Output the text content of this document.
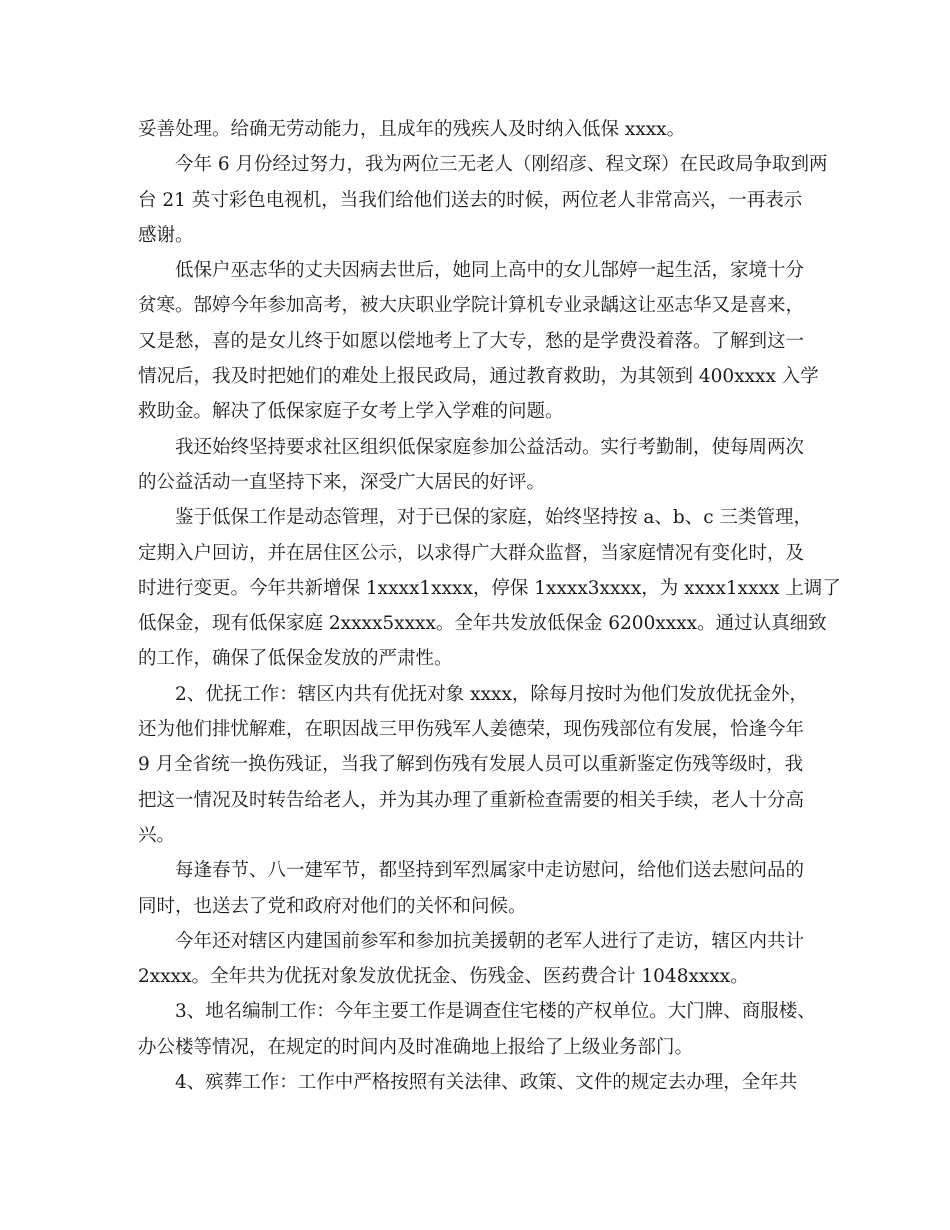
妥善处理。给确无劳动能力，且成年的残疾人及时纳入低保 xxxx。
今年 6 月份经过努力，我为两位三无老人（刚绍彦、程文琛）在民政局争取到两
台 21 英寸彩色电视机，当我们给他们送去的时候，两位老人非常高兴，一再表示
感谢。
低保户巫志华的丈夫因病去世后，她同上高中的女儿郜婷一起生活，家境十分
贫寒。郜婷今年参加高考，被大庆职业学院计算机专业录龋这让巫志华又是喜来，
又是愁，喜的是女儿终于如愿以偿地考上了大专，愁的是学费没着落。了解到这一
情况后，我及时把她们的难处上报民政局，通过教育救助，为其领到 400xxxx 入学
救助金。解决了低保家庭子女考上学入学难的问题。
我还始终坚持要求社区组织低保家庭参加公益活动。实行考勤制，使每周两次
的公益活动一直坚持下来，深受广大居民的好评。
鉴于低保工作是动态管理，对于已保的家庭，始终坚持按 a、b、c 三类管理，
定期入户回访，并在居住区公示，以求得广大群众监督，当家庭情况有变化时，及
时进行变更。今年共新增保 1xxxx1xxxx，停保 1xxxx3xxxx，为 xxxx1xxxx 上调了
低保金，现有低保家庭 2xxxx5xxxx。全年共发放低保金 6200xxxx。通过认真细致
的工作，确保了低保金发放的严肃性。
2、优抚工作：辖区内共有优抚对象 xxxx，除每月按时为他们发放优抚金外，
还为他们排忧解难，在职因战三甲伤残军人姜德荣，现伤残部位有发展，恰逢今年
9 月全省统一换伤残证，当我了解到伤残有发展人员可以重新鉴定伤残等级时，我
把这一情况及时转告给老人，并为其办理了重新检查需要的相关手续，老人十分高
兴。
每逢春节、八一建军节，都坚持到军烈属家中走访慰问，给他们送去慰问品的
同时，也送去了党和政府对他们的关怀和问候。
今年还对辖区内建国前参军和参加抗美援朝的老军人进行了走访，辖区内共计
2xxxx。全年共为优抚对象发放优抚金、伤残金、医药费合计 1048xxxx。
3、地名编制工作：今年主要工作是调查住宅楼的产权单位。大门牌、商服楼、
办公楼等情况，在规定的时间内及时准确地上报给了上级业务部门。
4、殡葬工作：工作中严格按照有关法律、政策、文件的规定去办理，全年共
